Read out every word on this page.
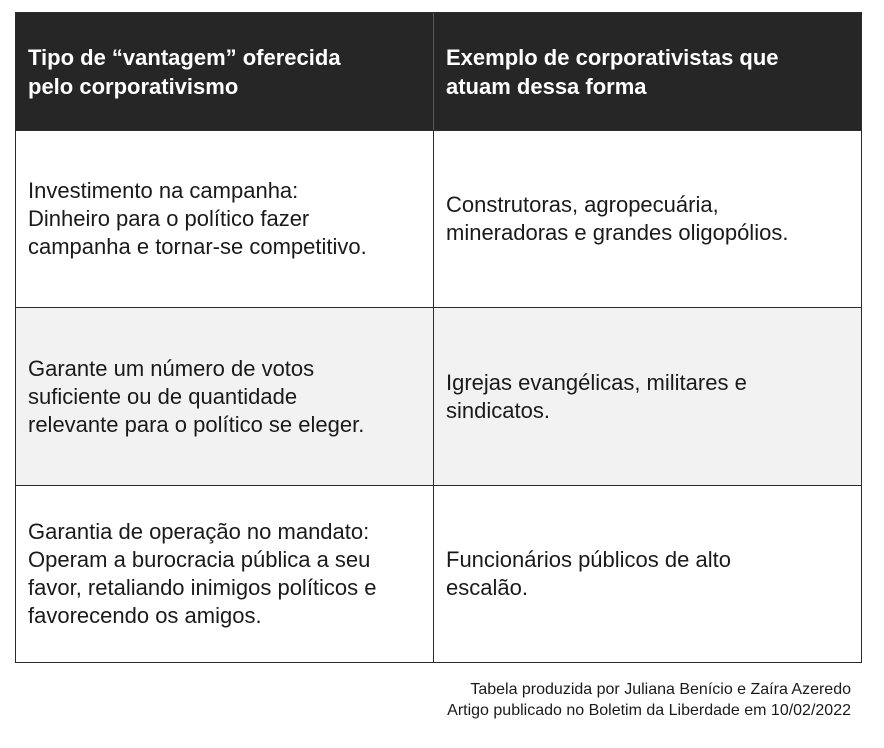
Tipo de “vantagem” oferecida
pelo corporativismo
Exemplo de corporativistas que
atuam dessa forma
Investimento na campanha:
Dinheiro para o político fazer
campanha e tornar-se competitivo.
Construtoras, agropecuária,
mineradoras e grandes oligopólios.
Garante um número de votos
suficiente ou de quantidade
relevante para o político se eleger.
Igrejas evangélicas, militares e
sindicatos.
Garantia de operação no mandato:
Operam a burocracia pública a seu
favor, retaliando inimigos políticos e
favorecendo os amigos.
Funcionários públicos de alto
escalão.
Tabela produzida por Juliana Benício e Zaíra Azeredo
Artigo publicado no Boletim da Liberdade em 10/02/2022
